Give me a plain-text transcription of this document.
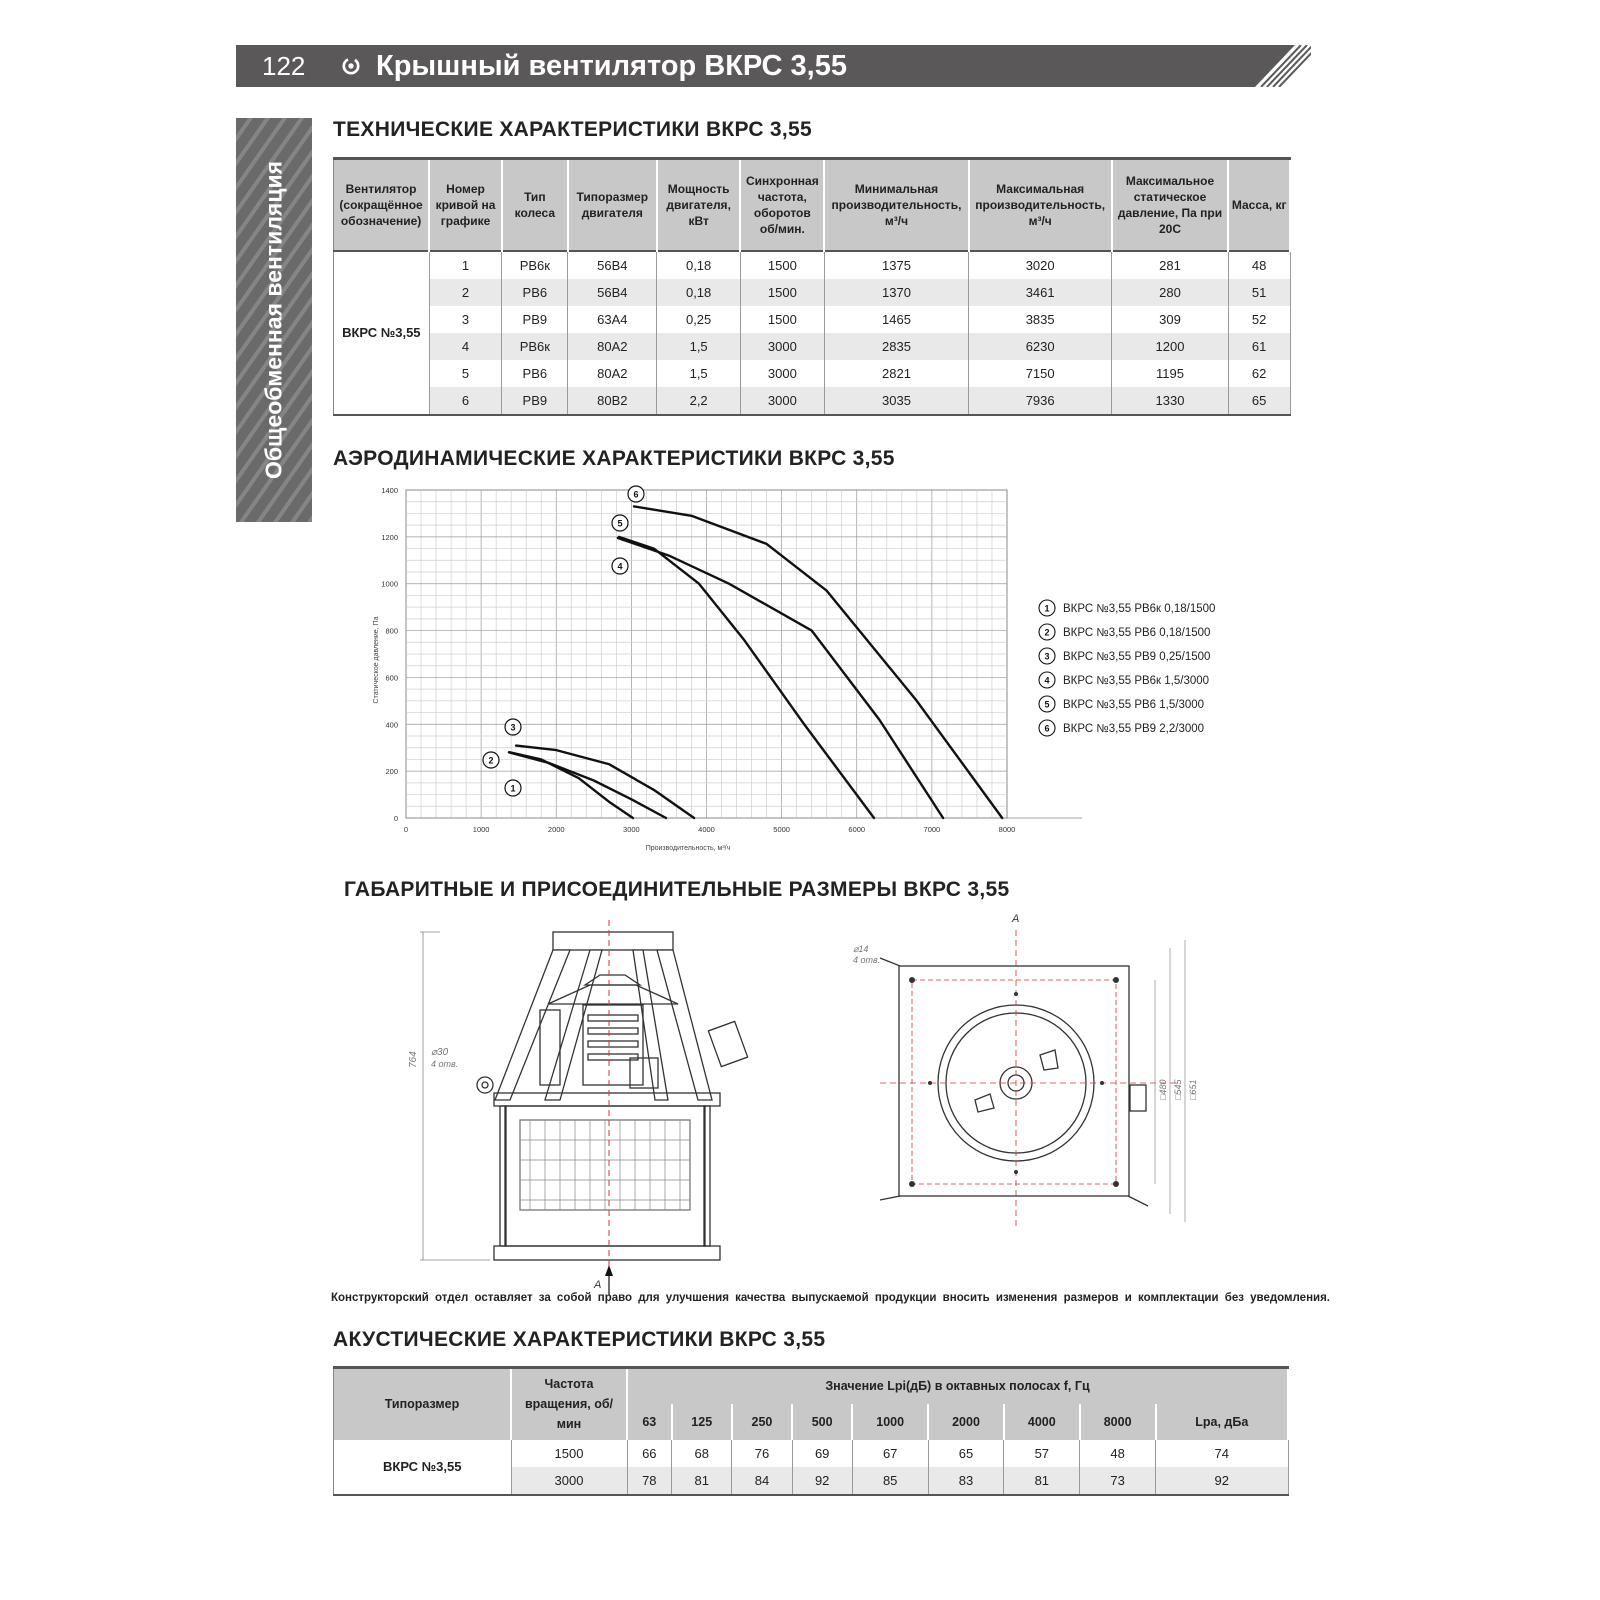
122 Крышный вентилятор ВКРС 3,55
Общеобменная вентиляция
ТЕХНИЧЕСКИЕ ХАРАКТЕРИСТИКИ ВКРС 3,55
Вентилятор (сокращённое обозначение)	Номер кривой на графике	Тип колеса	Типоразмер двигателя	Мощность двигателя, кВт	Синхронная частота, оборотов об/мин.	Минимальная производительность, м³/ч	Максимальная производительность, м³/ч	Максимальное статическое давление, Па при 20С	Масса, кг
ВКРС №3,55	1	РВ6к	56В4	0,18	1500	1375	3020	281	48
	2	РВ6	56В4	0,18	1500	1370	3461	280	51
	3	РВ9	63А4	0,25	1500	1465	3835	309	52
	4	РВ6к	80А2	1,5	3000	2835	6230	1200	61
	5	РВ6	80А2	1,5	3000	2821	7150	1195	62
	6	РВ9	80В2	2,2	3000	3035	7936	1330	65
АЭРОДИНАМИЧЕСКИЕ ХАРАКТЕРИСТИКИ ВКРС 3,55
0	1000	2000	3000	4000	5000	6000	7000	8000
0
200
400
600
800
1000
1200
1400
1
2
3
4
5
6
1 ВКРС №3,55 РВ6к 0,18/1500
2 ВКРС №3,55 РВ6 0,18/1500
3 ВКРС №3,55 РВ9 0,25/1500
4 ВКРС №3,55 РВ6к 1,5/3000
5 ВКРС №3,55 РВ6 1,5/3000
6 ВКРС №3,55 РВ9 2,2/3000
Производительность, м³/ч
Статическое давление, Па
ГАБАРИТНЫЕ И ПРИСОЕДИНИТЕЛЬНЫЕ РАЗМЕРЫ ВКРС 3,55
764 ⌀30
4 отв.
А
А
⌀14
4 отв.
□480 □545 □651
Конструкторский отдел оставляет за собой право для улучшения качества выпускаемой продукции вносить изменения размеров и комплектации без уведомления.
АКУСТИЧЕСКИЕ ХАРАКТЕРИСТИКИ ВКРС 3,55
Типоразмер	Частота вращения, об/мин	Значение Lpi(дБ) в октавных полосах f, Гц								
		63	125	250	500	1000	2000	4000	8000	Lpa, дБа
ВКРС №3,55	1500	66	68	76	69	67	65	57	48	74
	3000	78	81	84	92	85	83	81	73	92
